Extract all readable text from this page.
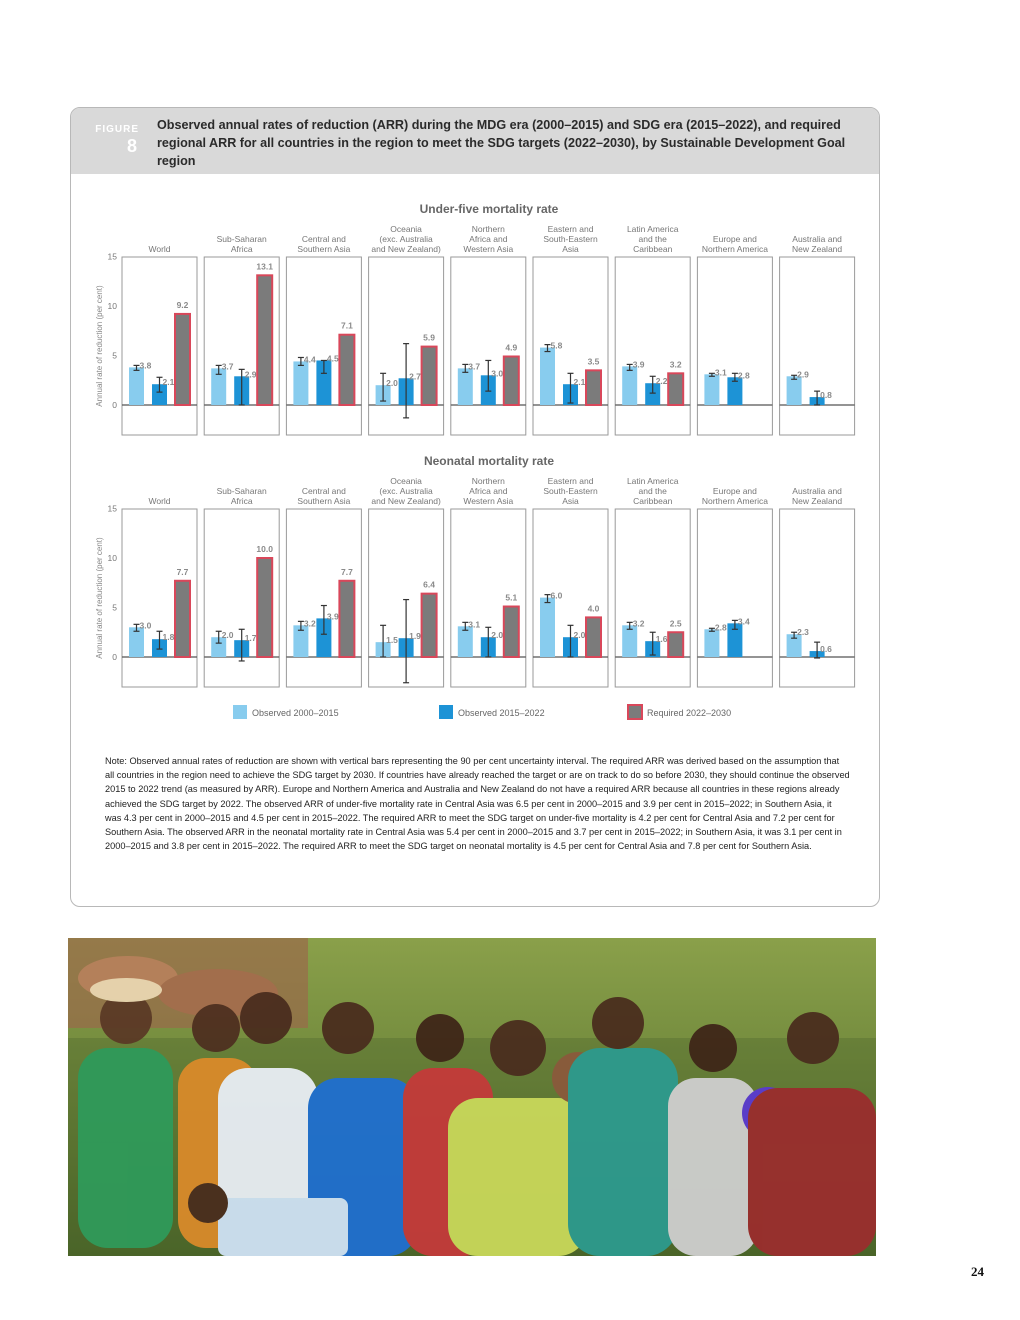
FIGURE
8
Observed annual rates of reduction (ARR) during the MDG era (2000–2015) and SDG era (2015–2022), and required regional ARR for all countries in the region to meet the SDG targets (2022–2030), by Sustainable Development Goal region
Under-five mortality rate
0
5
10
15
Annual rate of reduction (per cent)
World
3.8
2.1
9.2
Sub-Saharan
Africa
3.7
2.9
13.1
Central and
Southern Asia
4.4 4.5
7.1
Oceania
(exc. Australia
and New Zealand)
2.0
2.7
5.9
Northern
Africa and
Western Asia
3.7
3.0
4.9
Eastern and
South-Eastern
Asia
5.8
2.1
3.5
Latin America
and the
Caribbean
3.9
2.2
3.2
Europe and
Northern America
3.1 2.8
Australia and
New Zealand
2.9
0.8
Neonatal mortality rate
0
5
10
15
Annual rate of reduction (per cent)
World
3.0
1.8
7.7
Sub-Saharan
Africa
2.0 1.7
10.0
Central and
Southern Asia
3.2
3.9
7.7
Oceania
(exc. Australia
and New Zealand)
1.5 1.9
6.4
Northern
Africa and
Western Asia
3.1
2.0
5.1
Eastern and
South-Eastern
Asia
6.0
2.0
4.0
Latin America
and the
Caribbean
3.2
1.6
2.5
Europe and
Northern America
2.8
3.4
Australia and
New Zealand
2.3
0.6
Observed 2000–2015	Observed 2015–2022	Required 2022–2030
Note: Observed annual rates of reduction are shown with vertical bars representing the 90 per cent uncertainty interval. The required ARR was derived based on the assumption that all countries in the region need to achieve the SDG target by 2030. If countries have already reached the target or are on track to do so before 2030, they should continue the observed 2015 to 2022 trend (as measured by ARR). Europe and Northern America and Australia and New Zealand do not have a required ARR because all countries in these regions already achieved the SDG target by 2022. The observed ARR of under-five mortality rate in Central Asia was 6.5 per cent in 2000–2015 and 3.9 per cent in 2015–2022; in Southern Asia, it was 4.3 per cent in 2000–2015 and 4.5 per cent in 2015–2022. The required ARR to meet the SDG target on under-five mortality is 4.2 per cent for Central Asia and 7.2 per cent for Southern Asia. The observed ARR in the neonatal mortality rate in Central Asia was 5.4 per cent in 2000–2015 and 3.7 per cent in 2015–2022; in Southern Asia, it was 3.1 per cent in 2000–2015 and 3.8 per cent in 2015–2022. The required ARR to meet the SDG target on neonatal mortality is 4.5 per cent for Central Asia and 7.8 per cent for Southern Asia.
24
